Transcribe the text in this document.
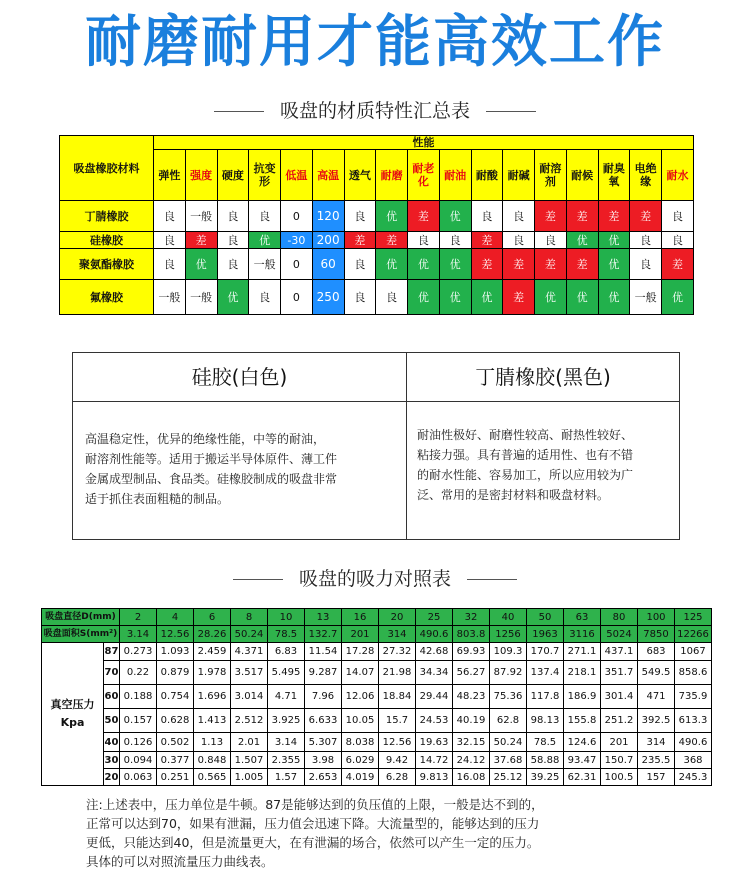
耐磨耐用才能高效工作
吸盘的材质特性汇总表
吸盘橡胶材料	性能																
	弹性	强度	硬度	抗变形	低温	高温	透气	耐磨	耐老化	耐油	耐酸	耐碱	耐溶剂	耐候	耐臭氧	电绝缘	耐水
丁腈橡胶	良	一般	良	良	0	120	良	优	差	优	良	良	差	差	差	差	良
硅橡胶	良	差	良	优	-30	200	差	差	良	良	差	良	良	优	优	良	良
聚氨酯橡胶	良	优	良	一般	0	60	良	优	优	优	差	差	差	差	优	良	差
氟橡胶	一般	一般	优	良	0	250	良	良	优	优	优	差	优	优	优	一般	优
硅胶(白色)	丁腈橡胶(黑色)
高温稳定性，优异的绝缘性能，中等的耐油，
耐溶剂性能等。适用于搬运半导体原件、薄工件
金属成型制品、食品类。硅橡胶制成的吸盘非常
适于抓住表面粗糙的制品。
耐油性极好、耐磨性较高、耐热性较好、
粘接力强。具有普遍的适用性、也有不错
的耐水性能、容易加工，所以应用较为广
泛、常用的是密封材料和吸盘材料。
吸盘的吸力对照表
吸盘直径D(mm)		2	4	6	8	10	13	16	20	25	32	40	50	63	80	100	125
吸盘面积S(mm²)		3.14	12.56	28.26	50.24	78.5	132.7	201	314	490.6	803.8	1256	1963	3116	5024	7850	12266

真空压力
Kpa	87	0.273	1.093	2.459	4.371	6.83	11.54	17.28	27.32	42.68	69.93	109.3	170.7	271.1	437.1	683	1067
	70	0.22	0.879	1.978	3.517	5.495	9.287	14.07	21.98	34.34	56.27	87.92	137.4	218.1	351.7	549.5	858.6
	60	0.188	0.754	1.696	3.014	4.71	7.96	12.06	18.84	29.44	48.23	75.36	117.8	186.9	301.4	471	735.9
	50	0.157	0.628	1.413	2.512	3.925	6.633	10.05	15.7	24.53	40.19	62.8	98.13	155.8	251.2	392.5	613.3
	40	0.126	0.502	1.13	2.01	3.14	5.307	8.038	12.56	19.63	32.15	50.24	78.5	124.6	201	314	490.6
	30	0.094	0.377	0.848	1.507	2.355	3.98	6.029	9.42	14.72	24.12	37.68	58.88	93.47	150.7	235.5	368
	20	0.063	0.251	0.565	1.005	1.57	2.653	4.019	6.28	9.813	16.08	25.12	39.25	62.31	100.5	157	245.3
注:上述表中，压力单位是牛顿。87是能够达到的负压值的上限，一般是达不到的，
正常可以达到70，如果有泄漏，压力值会迅速下降。大流量型的，能够达到的压力
更低，只能达到40，但是流量更大，在有泄漏的场合，依然可以产生一定的压力。
具体的可以对照流量压力曲线表。
